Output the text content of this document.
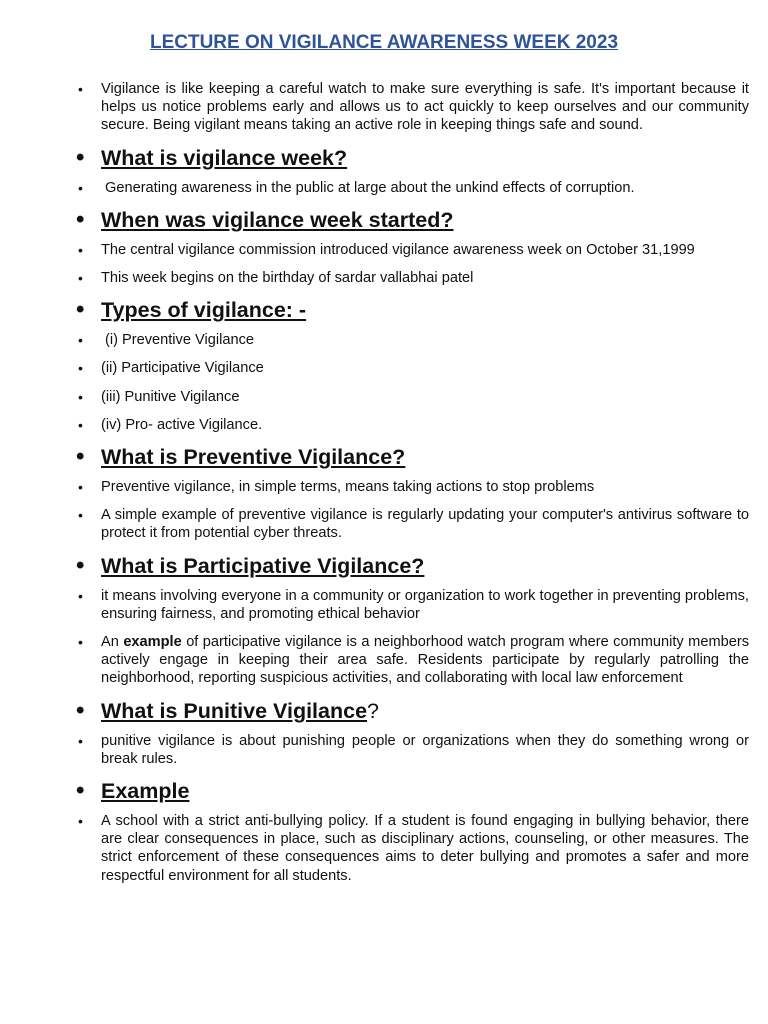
LECTURE ON VIGILANCE AWARENESS WEEK 2023
• Vigilance is like keeping a careful watch to make sure everything is safe. It's important because it helps us notice problems early and allows us to act quickly to keep ourselves and our community secure. Being vigilant means taking an active role in keeping things safe and sound.
• What is vigilance week?
• Generating awareness in the public at large about the unkind effects of corruption.
• When was vigilance week started?
• The central vigilance commission introduced vigilance awareness week on October 31,1999
• This week begins on the birthday of sardar vallabhai patel
• Types of vigilance: -
• (i) Preventive Vigilance
• (ii) Participative Vigilance
• (iii) Punitive Vigilance
• (iv) Pro- active Vigilance.
• What is Preventive Vigilance?
• Preventive vigilance, in simple terms, means taking actions to stop problems
• A simple example of preventive vigilance is regularly updating your computer's antivirus software to protect it from potential cyber threats.
• What is Participative Vigilance?
• it means involving everyone in a community or organization to work together in preventing problems, ensuring fairness, and promoting ethical behavior
• An example of participative vigilance is a neighborhood watch program where community members actively engage in keeping their area safe. Residents participate by regularly patrolling the neighborhood, reporting suspicious activities, and collaborating with local law enforcement
• What is Punitive Vigilance?
• punitive vigilance is about punishing people or organizations when they do something wrong or break rules.
• Example
• A school with a strict anti-bullying policy. If a student is found engaging in bullying behavior, there are clear consequences in place, such as disciplinary actions, counseling, or other measures. The strict enforcement of these consequences aims to deter bullying and promotes a safer and more respectful environment for all students.
